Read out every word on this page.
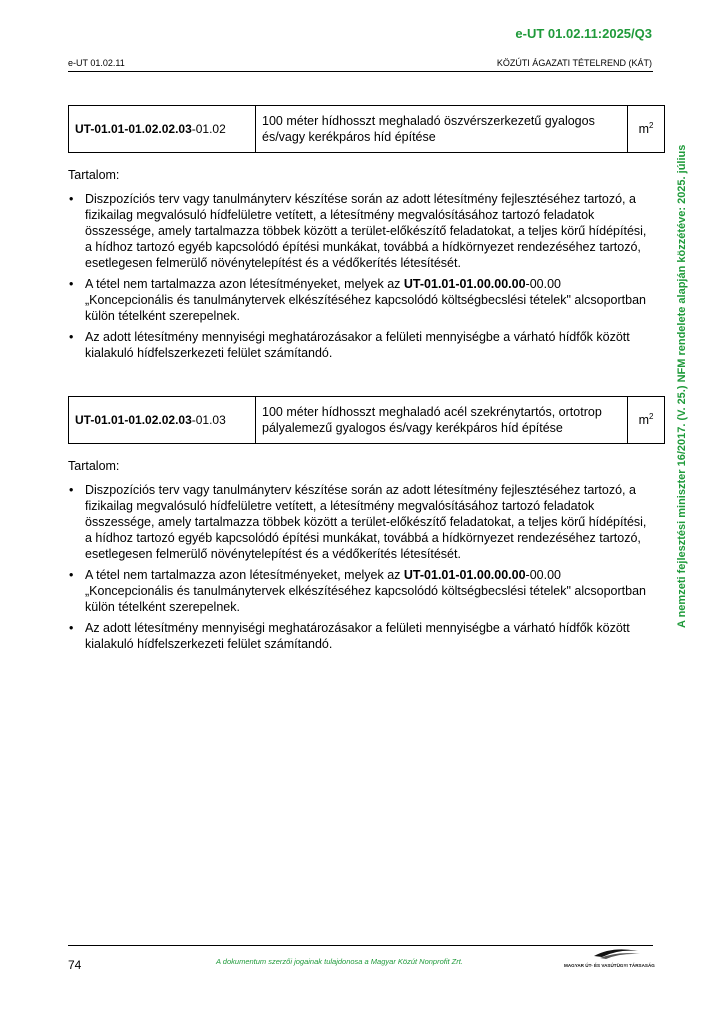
e-UT 01.02.11:2025/Q3
e-UT 01.02.11	KÖZÚTI ÁGAZATI TÉTELREND (KÁT)
UT-01.01-01.02.02.03-01.02	100 méter hídhosszt meghaladó öszvérszerkezetű gyalogos és/vagy kerékpáros híd építése	$m^2$
Tartalom:
• Diszpozíciós terv vagy tanulmányterv készítése során az adott létesítmény fejlesztéséhez tartozó, a fizikailag megvalósuló hídfelületre vetített, a létesítmény megvalósításához tartozó feladatok összessége, amely tartalmazza többek között a terület-előkészítő feladatokat, a teljes körű hídépítési, a hídhoz tartozó egyéb kapcsolódó építési munkákat, továbbá a hídkörnyezet rendezéséhez tartozó, esetlegesen felmerülő növénytelepítést és a védőkerítés létesítését.
• A tétel nem tartalmazza azon létesítményeket, melyek az UT-01.01-01.00.00.00-00.00 „Koncepcionális és tanulmánytervek elkészítéséhez kapcsolódó költségbecslési tételek" alcsoportban külön tételként szerepelnek.
• Az adott létesítmény mennyiségi meghatározásakor a felületi mennyiségbe a várható hídfők között kialakuló hídfelszerkezeti felület számítandó.
UT-01.01-01.02.02.03-01.03	100 méter hídhosszt meghaladó acél szekrénytartós, ortotrop pályalemezű gyalogos és/vagy kerékpáros híd építése	$m^2$
Tartalom:
• Diszpozíciós terv vagy tanulmányterv készítése során az adott létesítmény fejlesztéséhez tartozó, a fizikailag megvalósuló hídfelületre vetített, a létesítmény megvalósításához tartozó feladatok összessége, amely tartalmazza többek között a terület-előkészítő feladatokat, a teljes körű hídépítési, a hídhoz tartozó egyéb kapcsolódó építési munkákat, továbbá a hídkörnyezet rendezéséhez tartozó, esetlegesen felmerülő növénytelepítést és a védőkerítés létesítését.
• A tétel nem tartalmazza azon létesítményeket, melyek az UT-01.01-01.00.00.00-00.00 „Koncepcionális és tanulmánytervek elkészítéséhez kapcsolódó költségbecslési tételek" alcsoportban külön tételként szerepelnek.
• Az adott létesítmény mennyiségi meghatározásakor a felületi mennyiségbe a várható hídfők között kialakuló hídfelszerkezeti felület számítandó.
A nemzeti fejlesztési miniszter 16/2017. (V. 25.) NFM rendelete alapján közzétéve: 2025. július
74	A dokumentum szerzői jogainak tulajdonosa a Magyar Közút Nonprofit Zrt.	MAGYAR ÚT- ÉS VASÚTÜGYI TÁRSASÁG
